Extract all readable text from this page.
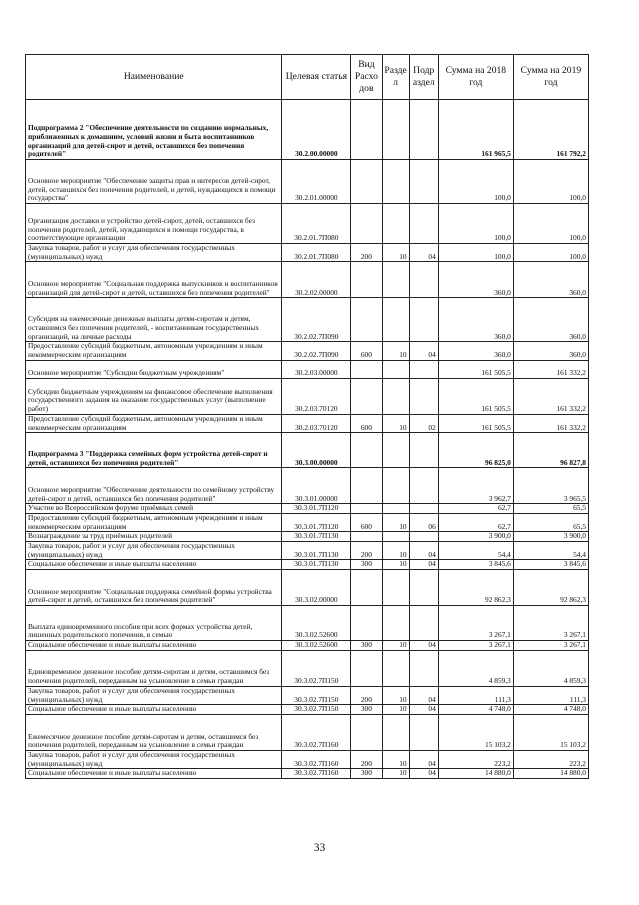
Наименование	Целевая статья	Вид Расхо дов	Разде л	Подр аздел	Сумма на 2018 год	Сумма на 2019 год
Подпрограмма 2 "Обеспечение деятельности по созданию нормальных, приближенных к домашним, условий жизни и быта воспитанников организаций для детей-сирот и детей, оставшихся без попечения родителей"	30.2.00.00000				161 965,5	161 792,2
Основное мероприятие "Обеспечение защиты прав и интересов детей-сирот, детей, оставшихся без попечения родителей, и детей, нуждающихся в помощи государства"	30.2.01.00000				100,0	100,0
Организация доставки и устройство детей-сирот, детей, оставшихся без попечения родителей, детей, нуждающихся в помощи государства, в соответствующие организации	30.2.01.7П080				100,0	100,0
Закупка товаров, работ и услуг для обеспечения государственных (муниципальных) нужд	30.2.01.7П080	200	10	04	100,0	100,0
Основное мероприятие "Социальная поддержка выпускников и воспитанников организаций для детей-сирот и детей, оставшихся без попечения родителей"	30.2.02.00000				360,0	360,0
Субсидия на ежемесячные денежные выплаты детям-сиротам и детям, оставшимся без попечения родителей, - воспитанникам государственных организаций, на личные расходы	30.2.02.7П090				360,0	360,0
Предоставление субсидий бюджетным, автономным учреждениям и иным некоммерческим организациям	30.2.02.7П090	600	10	04	360,0	360,0
Основное мероприятие "Субсидии бюджетным учреждениям"	30.2.03.00000				161 505,5	161 332,2
Субсидии бюджетным учреждениям на финансовое обеспечение выполнения государственного задания на оказание государственных услуг (выполнение работ)	30.2.03.70120				161 505,5	161 332,2
Предоставление субсидий бюджетным, автономным учреждениям и иным некоммерческим организациям	30.2.03.70120	600	10	02	161 505,5	161 332,2
Подпрограмма 3 "Поддержка семейных форм устройства детей-сирот и детей, оставшихся без попечения родителей"	30.3.00.00000				96 825,0	96 827,8
Основное мероприятие "Обеспечение деятельности по семейному устройству детей-сирот и детей, оставшихся без попечения родителей"	30.3.01.00000				3 962,7	3 965,5
Участие во Всероссийском форуме приёмных семей	30.3.01.7П120				62,7	65,5
Предоставление субсидий бюджетным, автономным учреждениям и иным некоммерческим организациям	30.3.01.7П120	600	10	06	62,7	65,5
Вознаграждение за труд приёмных родителей	30.3.01.7П130				3 900,0	3 900,0
Закупка товаров, работ и услуг для обеспечения государственных (муниципальных) нужд	30.3.01.7П130	200	10	04	54,4	54,4
Социальное обеспечение и иные выплаты населению	30.3.01.7П130	300	10	04	3 845,6	3 845,6
Основное мероприятие "Социальная поддержка семейной формы устройства детей-сирот и детей, оставшихся без попечения родителей"	30.3.02.00000				92 862,3	92 862,3
Выплата единовременного пособия при всех формах устройства детей, лишенных родительского попечения, в семью	30.3.02.52600				3 267,1	3 267,1
Социальное обеспечение и иные выплаты населению	30.3.02.52600	300	10	04	3 267,1	3 267,1
Единовременное денежное пособие детям-сиротам и детям, оставшимся без попечения родителей, переданным на усыновление в семьи граждан	30.3.02.7П150				4 859,3	4 859,3
Закупка товаров, работ и услуг для обеспечения государственных (муниципальных) нужд	30.3.02.7П150	200	10	04	111,3	111,3
Социальное обеспечение и иные выплаты населению	30.3.02.7П150	300	10	04	4 748,0	4 748,0
Ежемесячное денежное пособие детям-сиротам и детям, оставшимся без попечения родителей, переданным на усыновление в семьи граждан	30.3.02.7П160				15 103,2	15 103,2
Закупка товаров, работ и услуг для обеспечения государственных (муниципальных) нужд	30.3.02.7П160	200	10	04	223,2	223,2
Социальное обеспечение и иные выплаты населению	30.3.02.7П160	300	10	04	14 880,0	14 880,0
33
